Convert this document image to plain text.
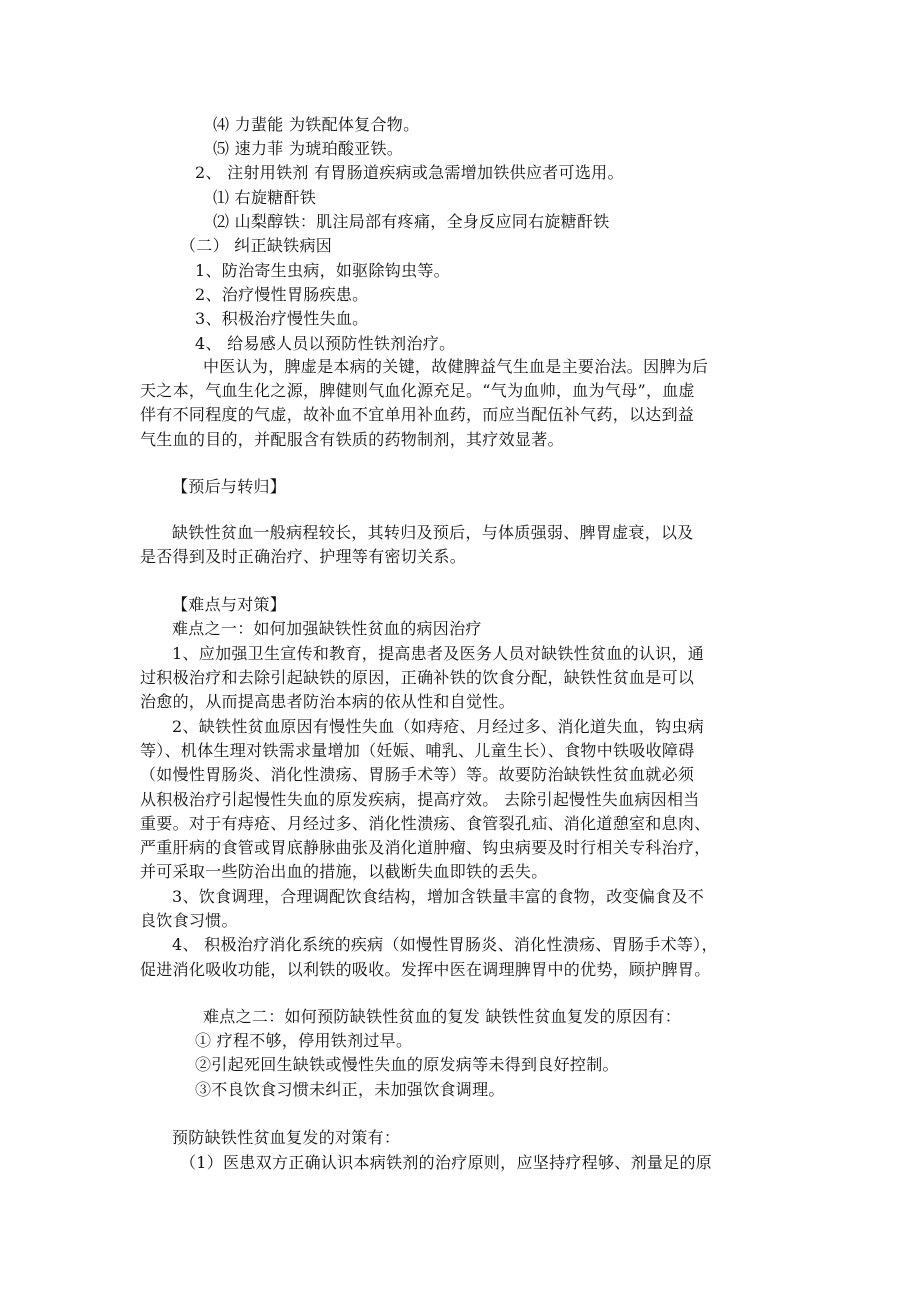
⑷ 力蜚能 为铁配体复合物。
⑸ 速力菲 为琥珀酸亚铁。
2、 注射用铁剂 有胃肠道疾病或急需增加铁供应者可选用。
⑴ 右旋糖酐铁
⑵ 山梨醇铁：肌注局部有疼痛，全身反应同右旋糖酐铁
（二） 纠正缺铁病因
1、防治寄生虫病，如驱除钩虫等。
2、治疗慢性胃肠疾患。
3、积极治疗慢性失血。
4、 给易感人员以预防性铁剂治疗。
中医认为，脾虚是本病的关键，故健脾益气生血是主要治法。因脾为后
天之本，气血生化之源，脾健则气血化源充足。“气为血帅，血为气母”，血虚
伴有不同程度的气虚，故补血不宜单用补血药，而应当配伍补气药，以达到益
气生血的目的，并配服含有铁质的药物制剂，其疗效显著。
【预后与转归】
缺铁性贫血一般病程较长，其转归及预后，与体质强弱、脾胃虚衰，以及
是否得到及时正确治疗、护理等有密切关系。
【难点与对策】
难点之一：如何加强缺铁性贫血的病因治疗
1、应加强卫生宣传和教育，提高患者及医务人员对缺铁性贫血的认识，通
过积极治疗和去除引起缺铁的原因，正确补铁的饮食分配，缺铁性贫血是可以
治愈的，从而提高患者防治本病的依从性和自觉性。
2、缺铁性贫血原因有慢性失血（如痔疮、月经过多、消化道失血，钩虫病
等）、机体生理对铁需求量增加（妊娠、哺乳、儿童生长）、食物中铁吸收障碍
（如慢性胃肠炎、消化性溃疡、胃肠手术等）等。故要防治缺铁性贫血就必须
从积极治疗引起慢性失血的原发疾病，提高疗效。 去除引起慢性失血病因相当
重要。对于有痔疮、月经过多、消化性溃疡、食管裂孔疝、消化道憩室和息肉、
严重肝病的食管或胃底静脉曲张及消化道肿瘤、钩虫病要及时行相关专科治疗，
并可采取一些防治出血的措施，以截断失血即铁的丢失。
3、饮食调理，合理调配饮食结构，增加含铁量丰富的食物，改变偏食及不
良饮食习惯。
4、 积极治疗消化系统的疾病（如慢性胃肠炎、消化性溃疡、胃肠手术等），
促进消化吸收功能，以利铁的吸收。发挥中医在调理脾胃中的优势，顾护脾胃。
难点之二：如何预防缺铁性贫血的复发 缺铁性贫血复发的原因有：
① 疗程不够，停用铁剂过早。
②引起死回生缺铁或慢性失血的原发病等未得到良好控制。
③不良饮食习惯未纠正，未加强饮食调理。
预防缺铁性贫血复发的对策有：
（1）医患双方正确认识本病铁剂的治疗原则，应坚持疗程够、剂量足的原
